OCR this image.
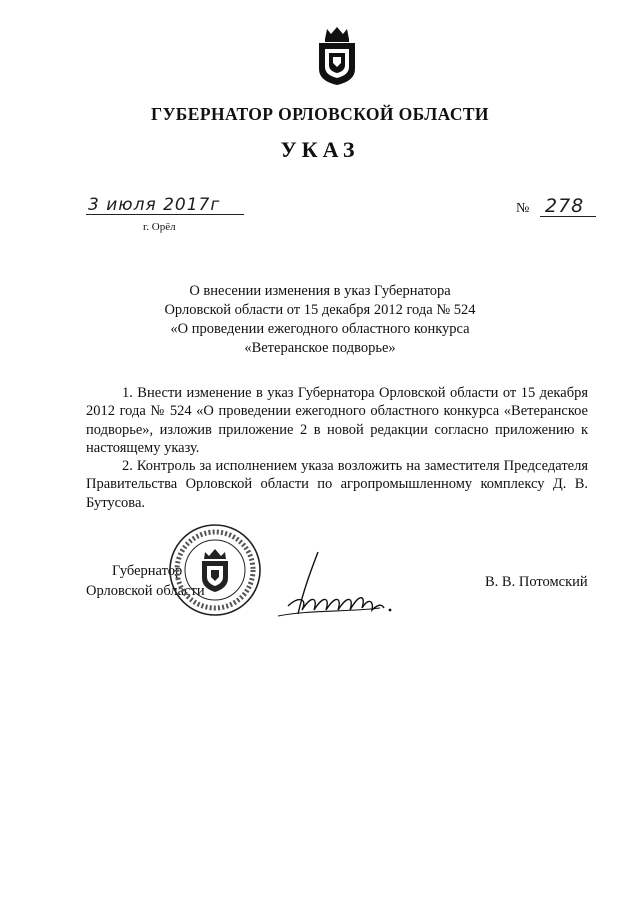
ГУБЕРНАТОР ОРЛОВСКОЙ ОБЛАСТИ
УКАЗ
3 июля 2017г
г. Орёл
№ 278
О внесении изменения в указ Губернатора
Орловской области от 15 декабря 2012 года № 524
«О проведении ежегодного областного конкурса
«Ветеранское подворье»

1. Внести изменение в указ Губернатора Орловской области от 15 декабря 2012 года № 524 «О проведении ежегодного областного конкурса «Ветеранское подворье», изложив приложение 2 в новой редакции согласно приложению к настоящему указу.

2. Контроль за исполнением указа возложить на заместителя Председателя Правительства Орловской области по агропромышленному комплексу Д. В. Бутусова.

Губернатор
Орловской области
В. В. Потомский
